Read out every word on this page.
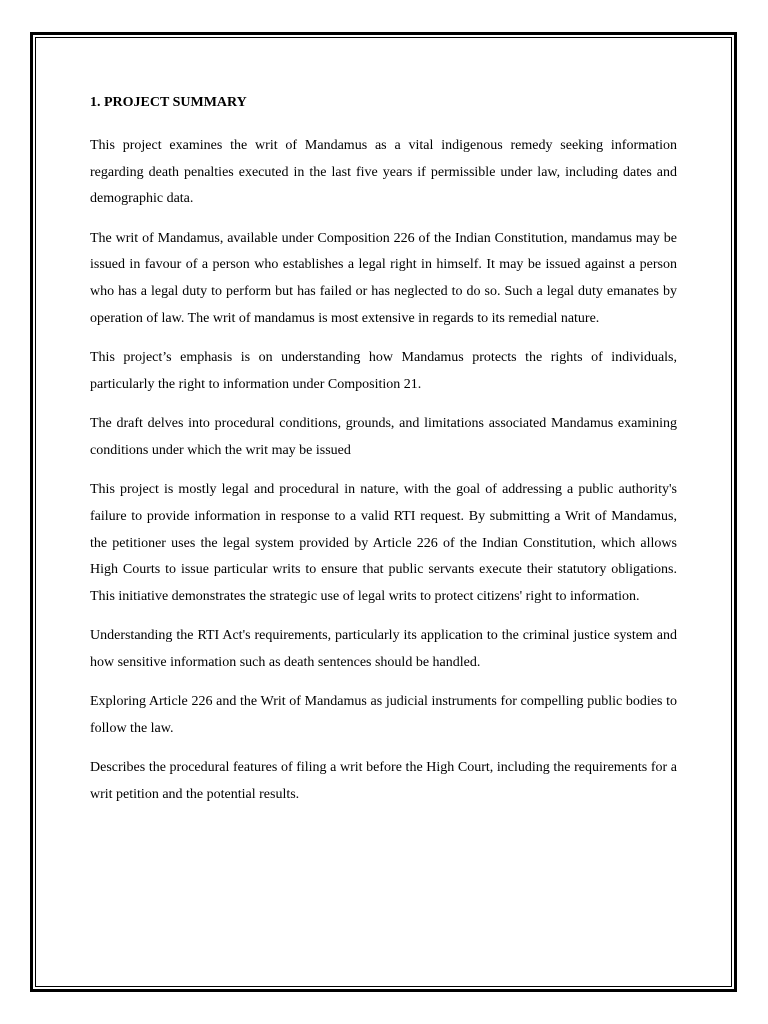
1. PROJECT SUMMARY

This project examines the writ of Mandamus as a vital indigenous remedy seeking information regarding death penalties executed in the last five years if permissible under law, including dates and demographic data.

The writ of Mandamus, available under Composition 226 of the Indian Constitution, mandamus may be issued in favour of a person who establishes a legal right in himself. It may be issued against a person who has a legal duty to perform but has failed or has neglected to do so. Such a legal duty emanates by operation of law. The writ of mandamus is most extensive in regards to its remedial nature.

This project’s emphasis is on understanding how Mandamus protects the rights of individuals, particularly the right to information under Composition 21.

The draft delves into procedural conditions, grounds, and limitations associated Mandamus examining conditions under which the writ may be issued

This project is mostly legal and procedural in nature, with the goal of addressing a public authority's failure to provide information in response to a valid RTI request. By submitting a Writ of Mandamus, the petitioner uses the legal system provided by Article 226 of the Indian Constitution, which allows High Courts to issue particular writs to ensure that public servants execute their statutory obligations. This initiative demonstrates the strategic use of legal writs to protect citizens' right to information.

Understanding the RTI Act's requirements, particularly its application to the criminal justice system and how sensitive information such as death sentences should be handled.

Exploring Article 226 and the Writ of Mandamus as judicial instruments for compelling public bodies to follow the law.

Describes the procedural features of filing a writ before the High Court, including the requirements for a writ petition and the potential results.
